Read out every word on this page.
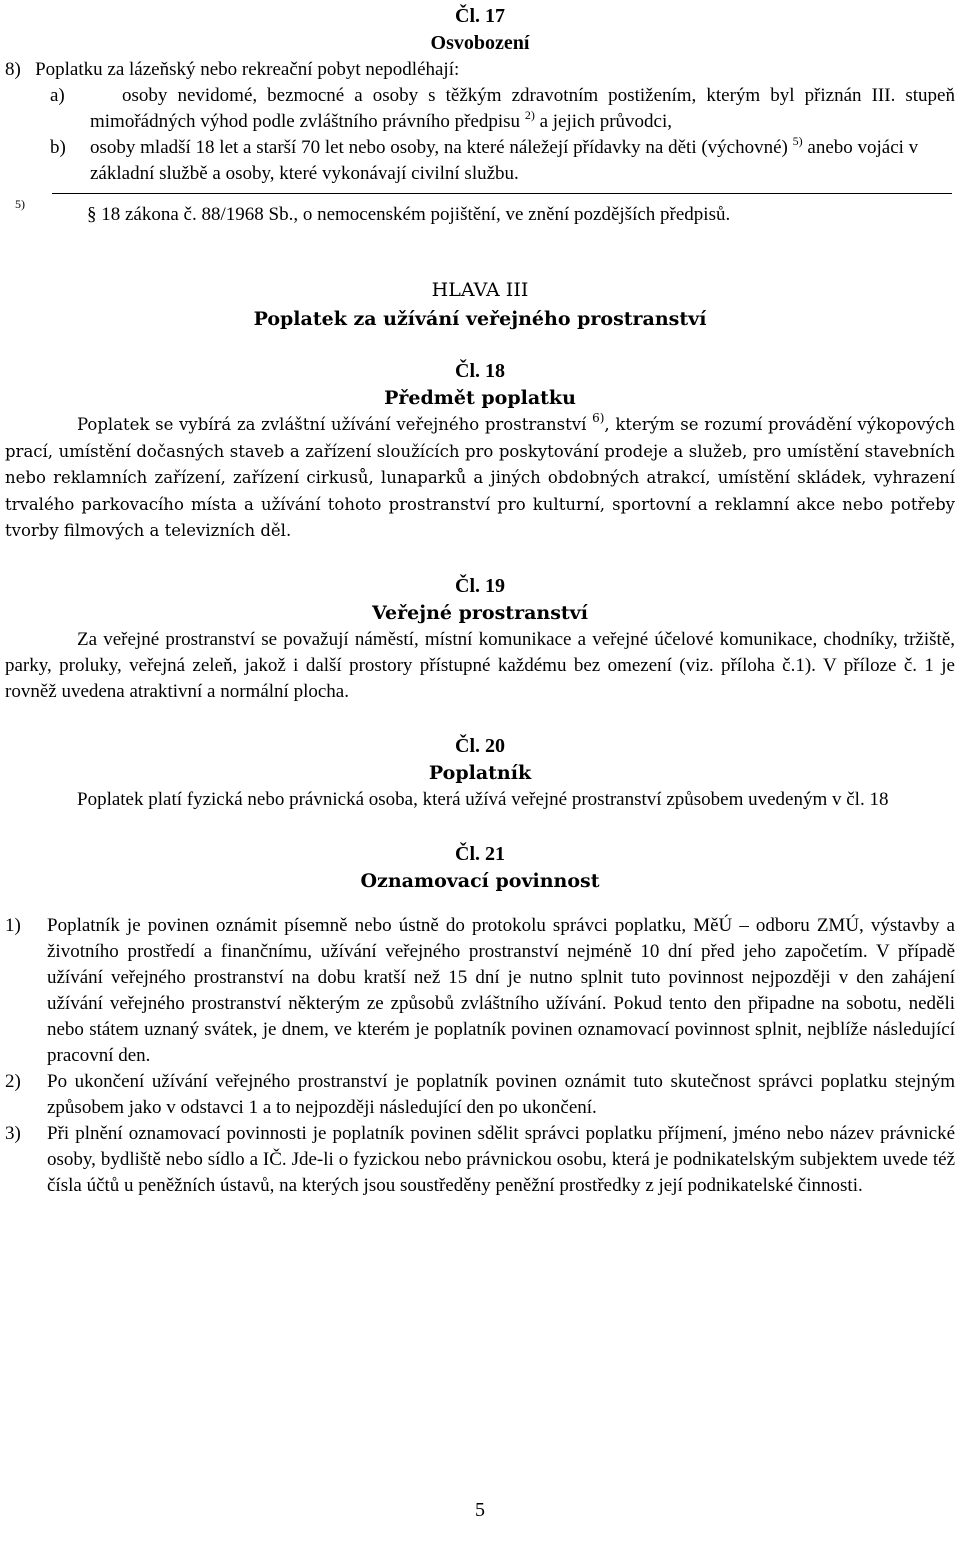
Čl. 17
Osvobození
8)   Poplatku za lázeňský nebo rekreační pobyt nepodléhají:
a)	osoby nevidomé, bezmocné a osoby s těžkým zdravotním postižením, kterým byl přiznán III. stupeň mimořádných výhod podle zvláštního právního předpisu $^{2)}$ a jejich průvodci,
b) osoby mladší 18 let a starší 70 let nebo osoby, na které náležejí přídavky na děti (výchovné) $^{5)}$ anebo vojáci v základní službě a osoby, které vykonávají civilní službu.
5)	§ 18 zákona č. 88/1968 Sb., o nemocenském pojištění, ve znění pozdějších předpisů.
HLAVA III
Poplatek za užívání veřejného prostranství
Čl. 18
Předmět poplatku
Poplatek se vybírá za zvláštní užívání veřejného prostranství $^{6)}$, kterým se rozumí provádění výkopových prací, umístění dočasných staveb a zařízení sloužících pro poskytování prodeje a služeb, pro umístění stavebních nebo reklamních zařízení, zařízení cirkusů, lunaparků a jiných obdobných atrakcí, umístění skládek, vyhrazení trvalého parkovacího místa a užívání tohoto prostranství pro kulturní, sportovní a reklamní akce nebo potřeby tvorby filmových a televizních děl.
Čl. 19
Veřejné prostranství
Za veřejné prostranství se považují náměstí, místní komunikace a veřejné účelové komunikace, chodníky, tržiště, parky, proluky, veřejná zeleň, jakož i další prostory přístupné každému bez omezení (viz. příloha č.1). V příloze č. 1 je rovněž uvedena atraktivní a normální plocha.
Čl. 20
Poplatník
Poplatek platí fyzická nebo právnická osoba, která užívá veřejné prostranství způsobem uvedeným v čl. 18
Čl. 21
Oznamovací povinnost
1) Poplatník je povinen oznámit písemně nebo ústně do protokolu správci poplatku, MěÚ – odboru ZMÚ, výstavby a životního prostředí a finančnímu, užívání veřejného prostranství nejméně 10 dní před jeho započetím. V případě užívání veřejného prostranství na dobu kratší než 15 dní je nutno splnit tuto povinnost nejpozději v den zahájení užívání veřejného prostranství některým ze způsobů zvláštního užívání. Pokud tento den připadne na sobotu, neděli nebo státem uznaný svátek, je dnem, ve kterém je poplatník povinen oznamovací povinnost splnit, nejblíže následující pracovní den.
2) Po ukončení užívání veřejného prostranství je poplatník povinen oznámit tuto skutečnost správci poplatku stejným způsobem jako v odstavci 1 a to nejpozději následující den po ukončení.
3) Při plnění oznamovací povinnosti je poplatník povinen sdělit správci poplatku příjmení, jméno nebo název právnické osoby, bydliště nebo sídlo a IČ. Jde-li o fyzickou nebo právnickou osobu, která je podnikatelským subjektem uvede též čísla účtů u peněžních ústavů, na kterých jsou soustředěny peněžní prostředky z její podnikatelské činnosti.
5
